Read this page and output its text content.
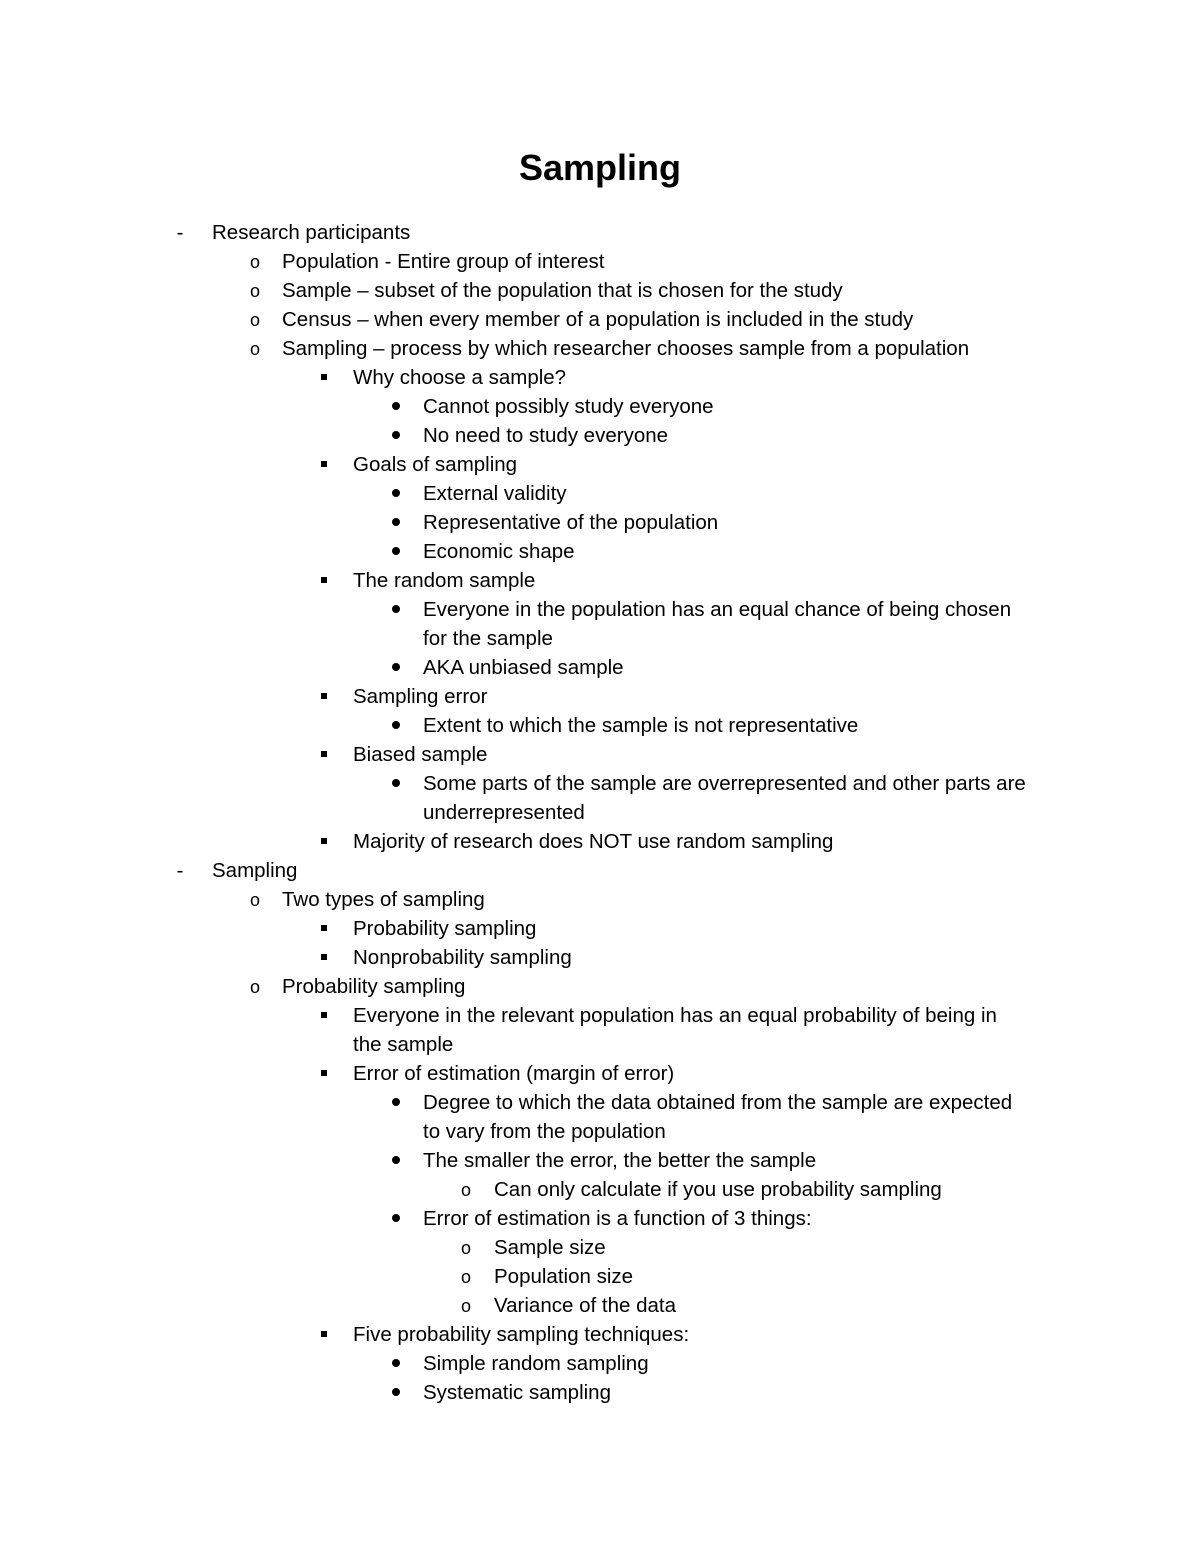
Sampling
-
Research participants
o
Population - Entire group of interest
o
Sample – subset of the population that is chosen for the study
o
Census – when every member of a population is included in the study
o
Sampling – process by which researcher chooses sample from a population
Why choose a sample?
Cannot possibly study everyone
No need to study everyone
Goals of sampling
External validity
Representative of the population
Economic shape
The random sample
Everyone in the population has an equal chance of being chosen
for the sample
AKA unbiased sample
Sampling error
Extent to which the sample is not representative
Biased sample
Some parts of the sample are overrepresented and other parts are
underrepresented
Majority of research does NOT use random sampling
-
Sampling
o
Two types of sampling
Probability sampling
Nonprobability sampling
o
Probability sampling
Everyone in the relevant population has an equal probability of being in
the sample
Error of estimation (margin of error)
Degree to which the data obtained from the sample are expected
to vary from the population
The smaller the error, the better the sample
o
Can only calculate if you use probability sampling
Error of estimation is a function of 3 things:
o
Sample size
o
Population size
o
Variance of the data
Five probability sampling techniques:
Simple random sampling
Systematic sampling
